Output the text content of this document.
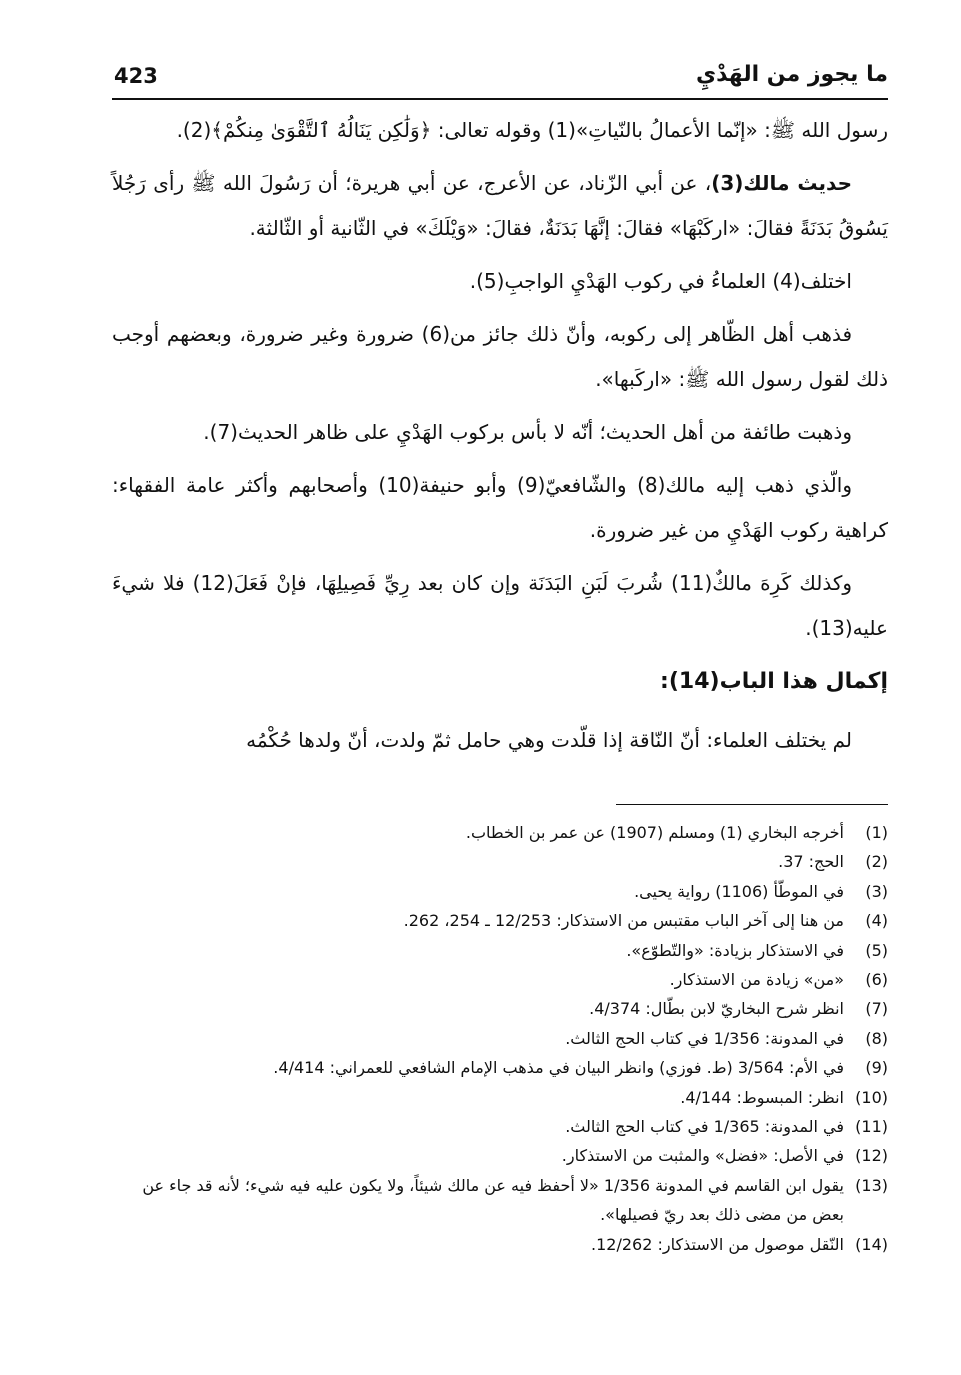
423	ما يجوز من الهَدْيِ

رسول الله ﷺ: «إنّما الأعمالُ بالنّياتِ»(1) وقوله تعالى: ﴿وَلَٰكِن يَنَالُهُ ٱلتَّقْوَىٰ مِنكُمْ﴾(2).

حديث مالك(3)، عن أبي الزّناد، عن الأعرج، عن أبي هريرة؛ أن رَسُولَ الله ﷺ رأى رَجُلاً يَسُوقُ بَدَنَةً فقالَ: «اركَبْهَا» فقالَ: إنَّهَا بَدَنَةٌ، فقالَ: «وَيْلَكَ» في الثّانية أو الثّالثة.

اختلف(4) العلماءُ في ركوب الهَدْيِ الواجبِ(5).

فذهب أهل الظّاهر إلى ركوبه، وأنّ ذلك جائز من(6) ضرورة وغير ضرورة، وبعضهم أوجب ذلك لقول رسول الله ﷺ: «اركَبها».

وذهبت طائفة من أهل الحديث؛ أنّه لا بأس بركوب الهَدْيِ على ظاهر الحديث(7).

والّذي ذهب إليه مالك(8) والشّافعيّ(9) وأبو حنيفة(10) وأصحابهم وأكثر عامة الفقهاء: كراهية ركوب الهَدْيِ من غير ضرورة.

وكذلك كَرِهَ مالكٌ(11) شُربَ لَبَنِ البَدَنَة وإن كان بعد رِيِّ فَصِيلِهَا، فإنْ فَعَلَ(12) فلا شيءَ عليه(13).

إكمال هذا الباب(14):

لم يختلف العلماء: أنّ النّاقة إذا قلّدت وهي حامل ثمّ ولدت، أنّ ولدها حُكْمُه

(1)
أخرجه البخاري (1) ومسلم (1907) عن عمر بن الخطاب.
(2)
الحج: 37.
(3)
في الموطّأ (1106) رواية يحيى.
(4)
من هنا إلى آخر الباب مقتبس من الاستذكار: 12/253 ـ 254، 262.
(5)
في الاستذكار بزيادة: «والتّطوّع».
(6)
«من» زيادة من الاستذكار.
(7)
انظر شرح البخاريّ لابن بطّال: 4/374.
(8)
في المدونة: 1/356 في كتاب الحج الثالث.
(9)
في الأم: 3/564 (ط. فوزي) وانظر البيان في مذهب الإمام الشافعي للعمراني: 4/414.
(10)
انظر: المبسوط: 4/144.
(11)
في المدونة: 1/365 في كتاب الحج الثالث.
(12)
في الأصل: «فضل» والمثبت من الاستذكار.
(13)
يقول ابن القاسم في المدونة 1/356 «لا أحفظ فيه عن مالك شيئاً، ولا يكون عليه فيه شيء؛ لأنه قد جاء عن بعض من مضى ذلك بعد ريّ فصيلها».
(14)
النّقل موصول من الاستذكار: 12/262.
